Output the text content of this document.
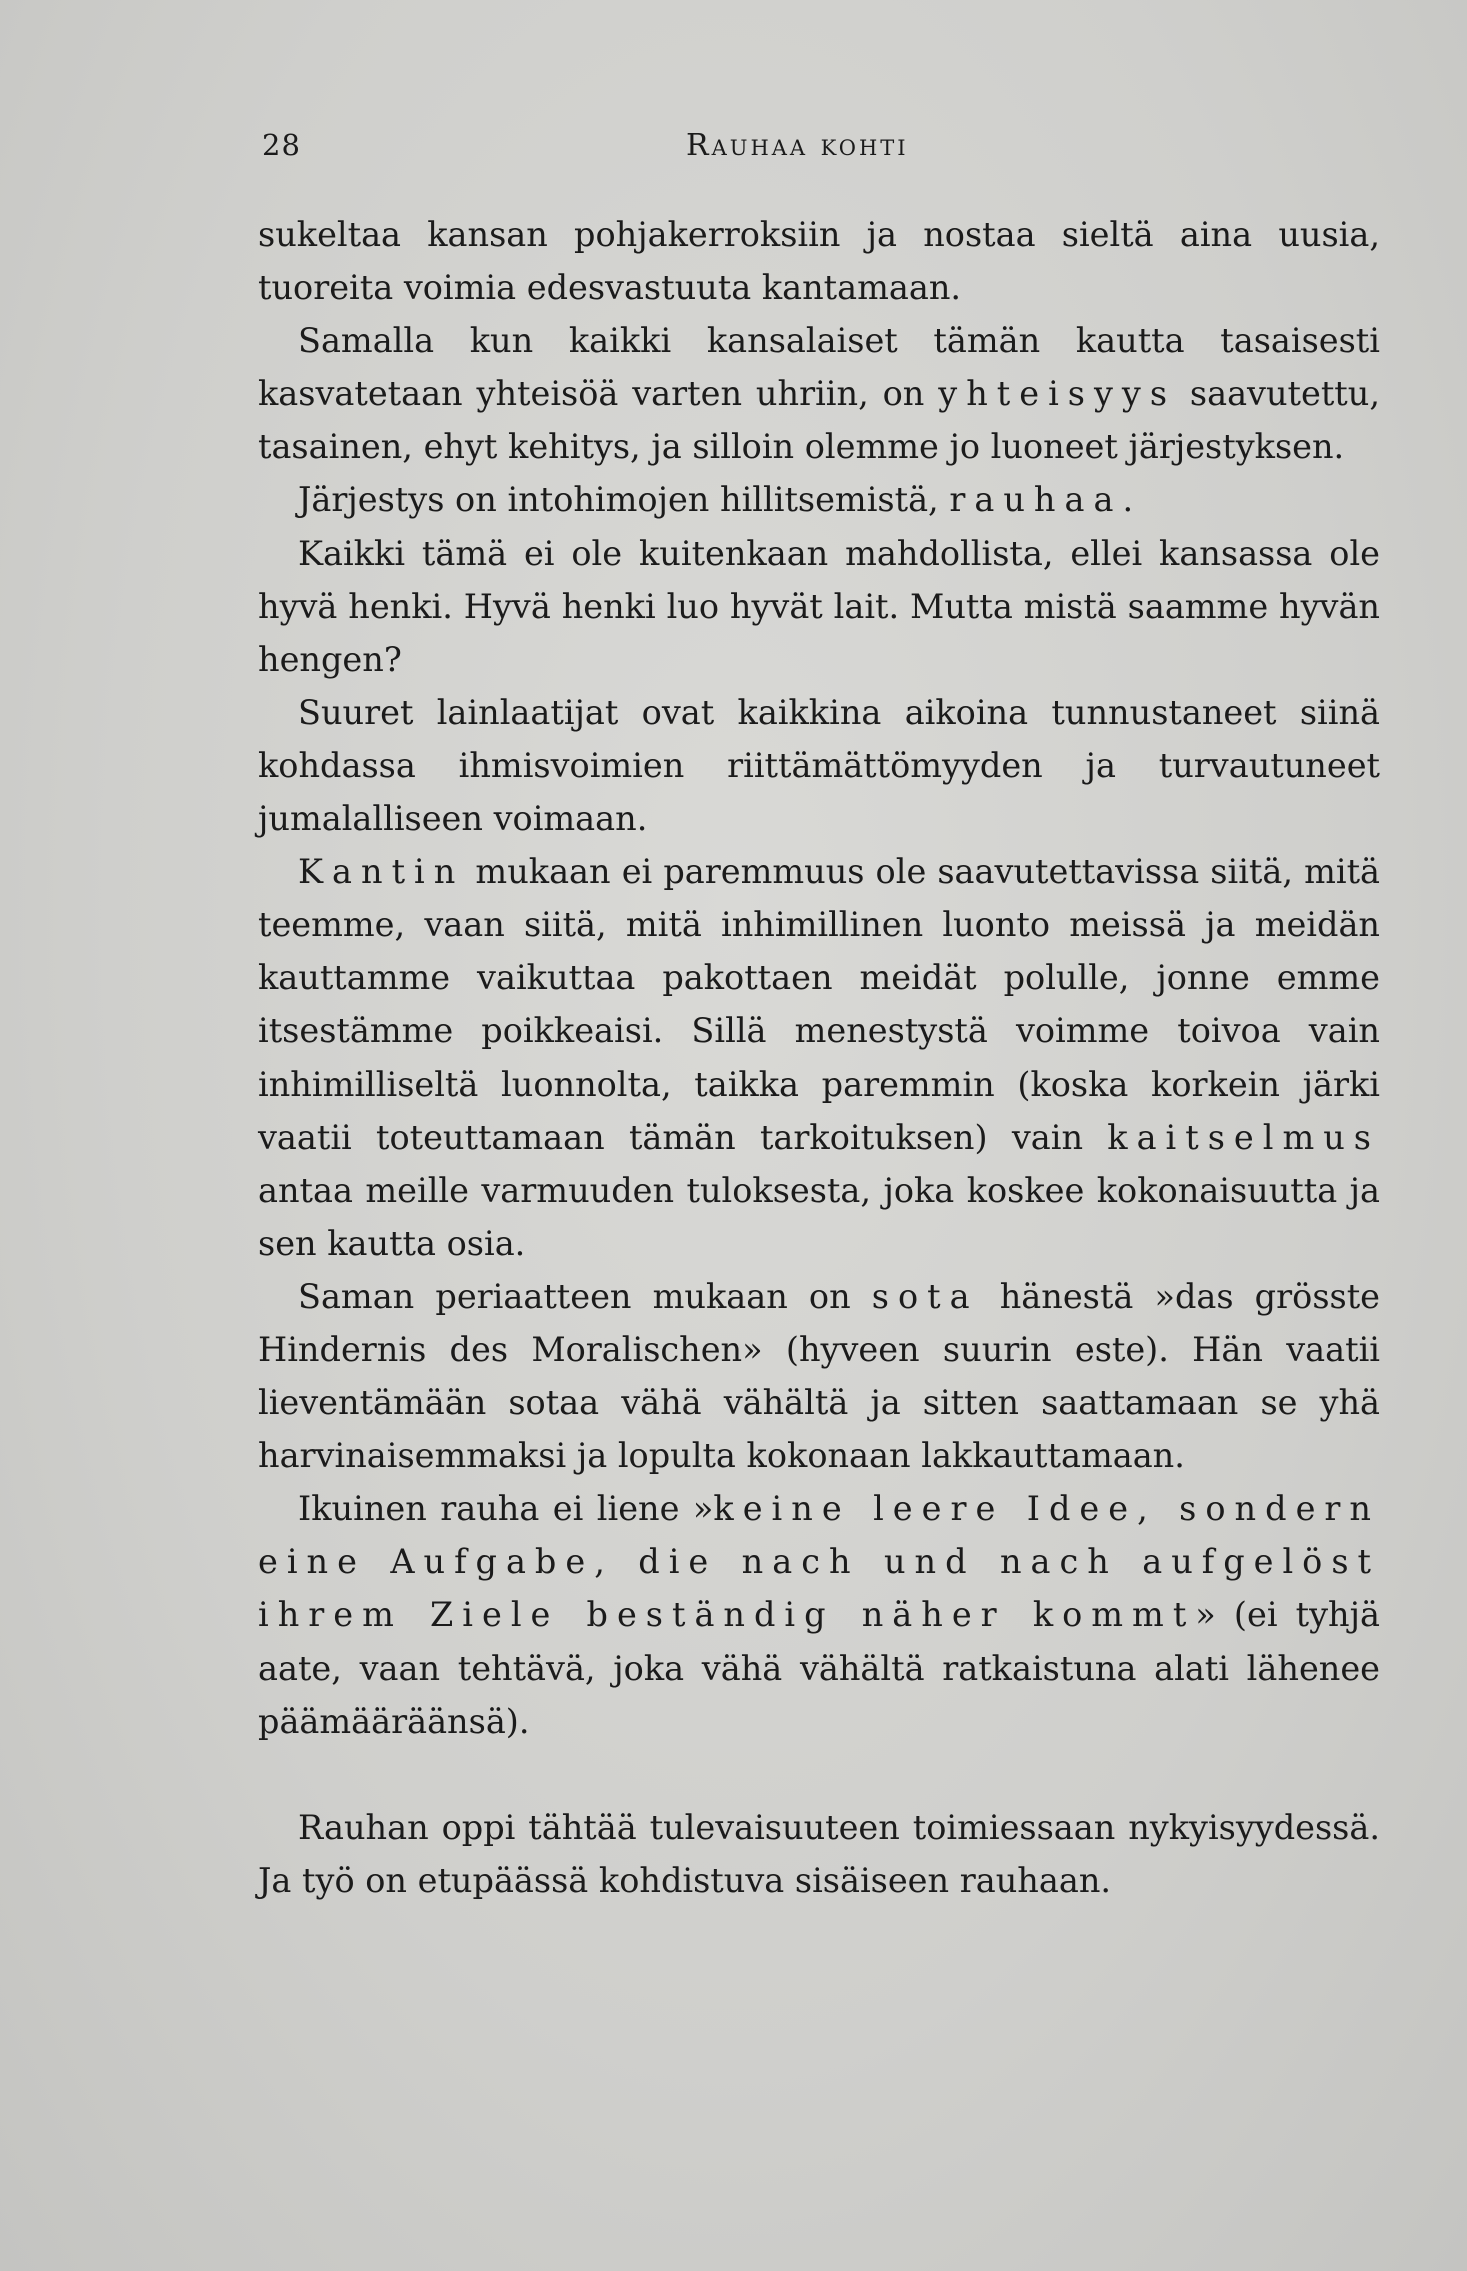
28	Rauhaa kohti

sukeltaa kansan pohjakerroksiin ja nostaa sieltä aina uusia, tuoreita voimia edesvastuuta kantamaan.

Samalla kun kaikki kansalaiset tämän kautta tasaisesti kasvatetaan yhteisöä varten uhriin, on yhteisyys saavutettu, tasainen, ehyt kehitys, ja silloin olemme jo luoneet järjestyksen.

Järjestys on intohimojen hillitsemistä, rauhaa.

Kaikki tämä ei ole kuitenkaan mahdollista, ellei kansassa ole hyvä henki. Hyvä henki luo hyvät lait. Mutta mistä saamme hyvän hengen?

Suuret lainlaatijat ovat kaikkina aikoina tunnustaneet siinä kohdassa ihmisvoimien riittämättömyyden ja turvautuneet jumalalliseen voimaan.

Kantin mukaan ei paremmuus ole saavutettavissa siitä, mitä teemme, vaan siitä, mitä inhimillinen luonto meissä ja meidän kauttamme vaikuttaa pakottaen meidät polulle, jonne emme itsestämme poikkeaisi. Sillä menestystä voimme toivoa vain inhimilliseltä luonnolta, taikka paremmin (koska korkein järki vaatii toteuttamaan tämän tarkoituksen) vain kaitselmus antaa meille varmuuden tuloksesta, joka koskee kokonaisuutta ja sen kautta osia.

Saman periaatteen mukaan on sota hänestä »das grösste Hindernis des Moralischen» (hyveen suurin este). Hän vaatii lieventämään sotaa vähä vähältä ja sitten saattamaan se yhä harvinaisemmaksi ja lopulta kokonaan lakkauttamaan.

Ikuinen rauha ei liene »keine leere Idee, sondern eine Aufgabe, die nach und nach aufgelöst ihrem Ziele beständig näher kommt» (ei tyhjä aate, vaan tehtävä, joka vähä vähältä ratkaistuna alati lähenee päämääräänsä).

Rauhan oppi tähtää tulevaisuuteen toimiessaan nykyisyydessä. Ja työ on etupäässä kohdistuva sisäiseen rauhaan.
